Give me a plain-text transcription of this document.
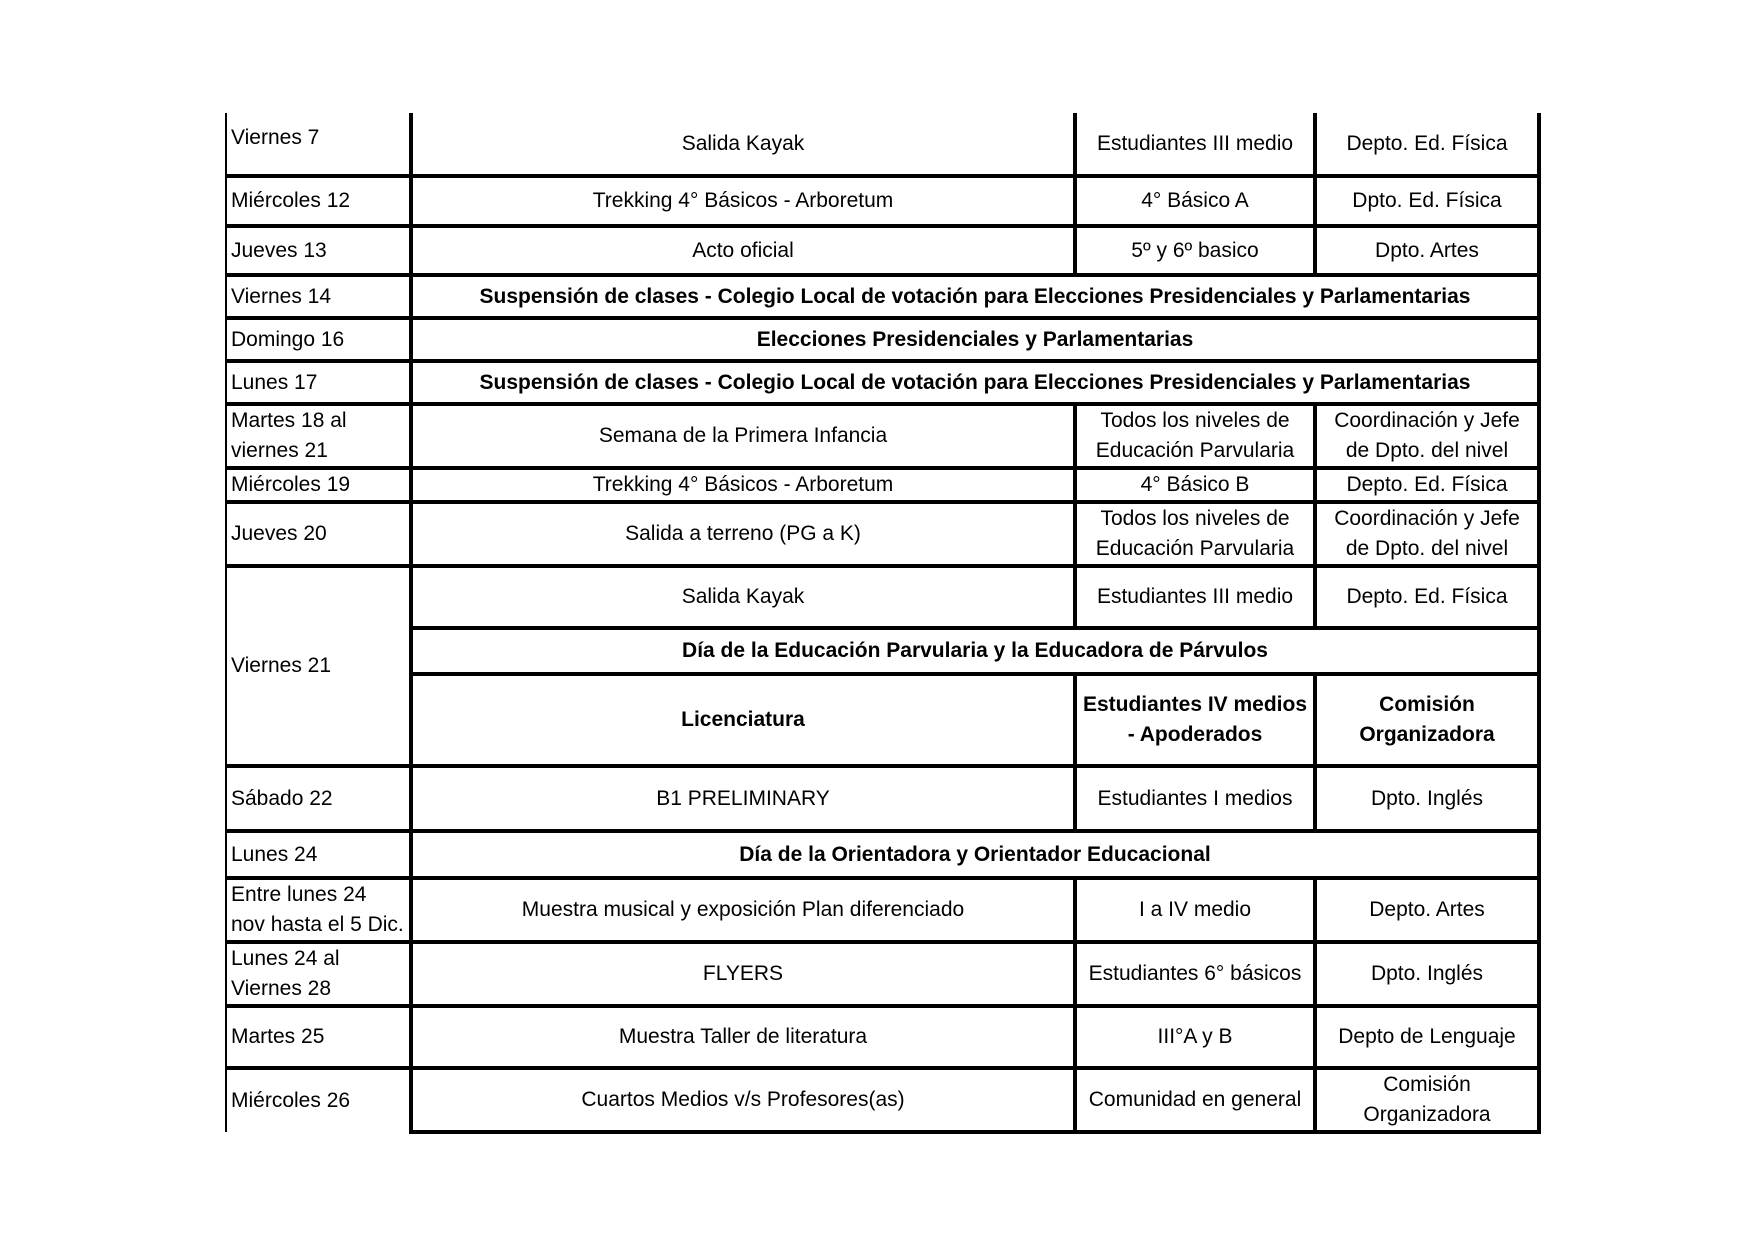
Viernes 7	Salida Kayak	Estudiantes III medio	Depto. Ed. Física
Miércoles 12	Trekking 4° Básicos - Arboretum	4° Básico A	Dpto. Ed. Física
Jueves 13	Acto oficial	5º y 6º basico	Dpto. Artes
Viernes 14	Suspensión de clases - Colegio Local de votación para Elecciones Presidenciales y Parlamentarias		
Domingo 16	Elecciones Presidenciales y Parlamentarias		
Lunes 17	Suspensión de clases - Colegio Local de votación para Elecciones Presidenciales y Parlamentarias		
Martes 18 al viernes 21	Semana de la Primera Infancia	Todos los niveles de Educación Parvularia	Coordinación y Jefe de Dpto. del nivel
Miércoles 19	Trekking 4° Básicos - Arboretum	4° Básico B	Depto. Ed. Física
Jueves 20	Salida a terreno (PG a K)	Todos los niveles de Educación Parvularia	Coordinación y Jefe de Dpto. del nivel
Viernes 21	Salida Kayak	Estudiantes III medio	Depto. Ed. Física
	Día de la Educación Parvularia y la Educadora de Párvulos		
	Licenciatura	Estudiantes IV medios - Apoderados	Comisión Organizadora
Sábado 22	B1 PRELIMINARY	Estudiantes I medios	Dpto. Inglés
Lunes 24	Día de la Orientadora y Orientador Educacional		
Entre lunes 24 nov hasta el 5 Dic.	Muestra musical y exposición Plan diferenciado	I a IV medio	Depto. Artes
Lunes 24 al Viernes 28	FLYERS	Estudiantes 6° básicos	Dpto. Inglés
Martes 25	Muestra Taller de literatura	III°A y B	Depto de Lenguaje
Miércoles 26	Cuartos Medios v/s Profesores(as)	Comunidad en general	Comisión Organizadora
